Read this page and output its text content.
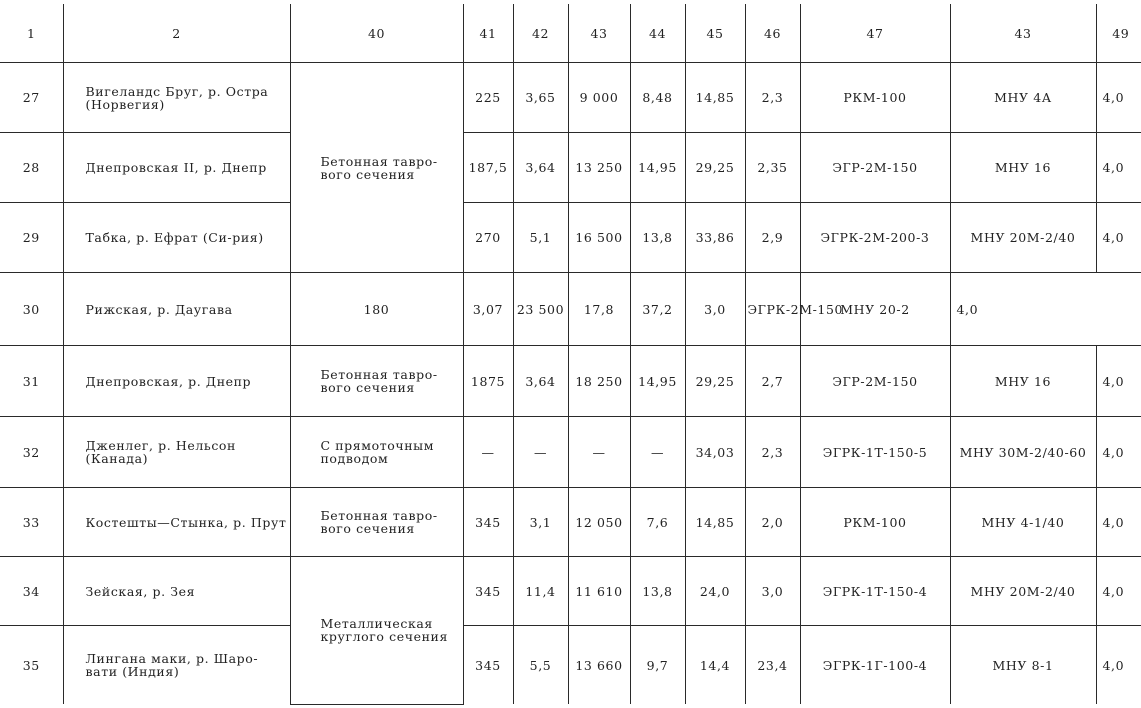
1	2	40	41	42	43	44	45	46	47	43	49
27	Вигеландс Бруг, р. Остра (Норвегия)	Бетонная тавро-вого сечения	225	3,65	9 000	8,48	14,85	2,3	РКМ-100	МНУ 4А	4,0
28	Днепровская II, р. Днепр		187,5	3,64	13 250	14,95	29,25	2,35	ЭГР-2М-150	МНУ 16	4,0
29	Табка, р. Ефрат (Си-рия)		270	5,1	16 500	13,8	33,86	2,9	ЭГРК-2М-200-3	МНУ 20М-2/40	4,0
30	Рижская, р. Даугава	180	3,07	23 500	17,8	37,2	3,0	ЭГРК-2М-150	МНУ 20-2	4,0	
31	Днепровская, р. Днепр	Бетонная тавро-вого сечения	1875	3,64	18 250	14,95	29,25	2,7	ЭГР-2М-150	МНУ 16	4,0
32	Дженлег, р. Нельсон (Канада)	С прямоточным подводом	—	—	—	—	34,03	2,3	ЭГРК-1Т-150-5	МНУ 30М-2/40-60	4,0
33	Костешты—Стынка, р. Прут	Бетонная тавро-вого сечения	345	3,1	12 050	7,6	14,85	2,0	РКМ-100	МНУ 4-1/40	4,0
34	Зейская, р. Зея	Металлическая круглого сечения	345	11,4	11 610	13,8	24,0	3,0	ЭГРК-1Т-150-4	МНУ 20М-2/40	4,0
35	Лингана маки, р. Шаро-вати (Индия)		345	5,5	13 660	9,7	14,4	23,4	ЭГРК-1Г-100-4	МНУ 8-1	4,0
